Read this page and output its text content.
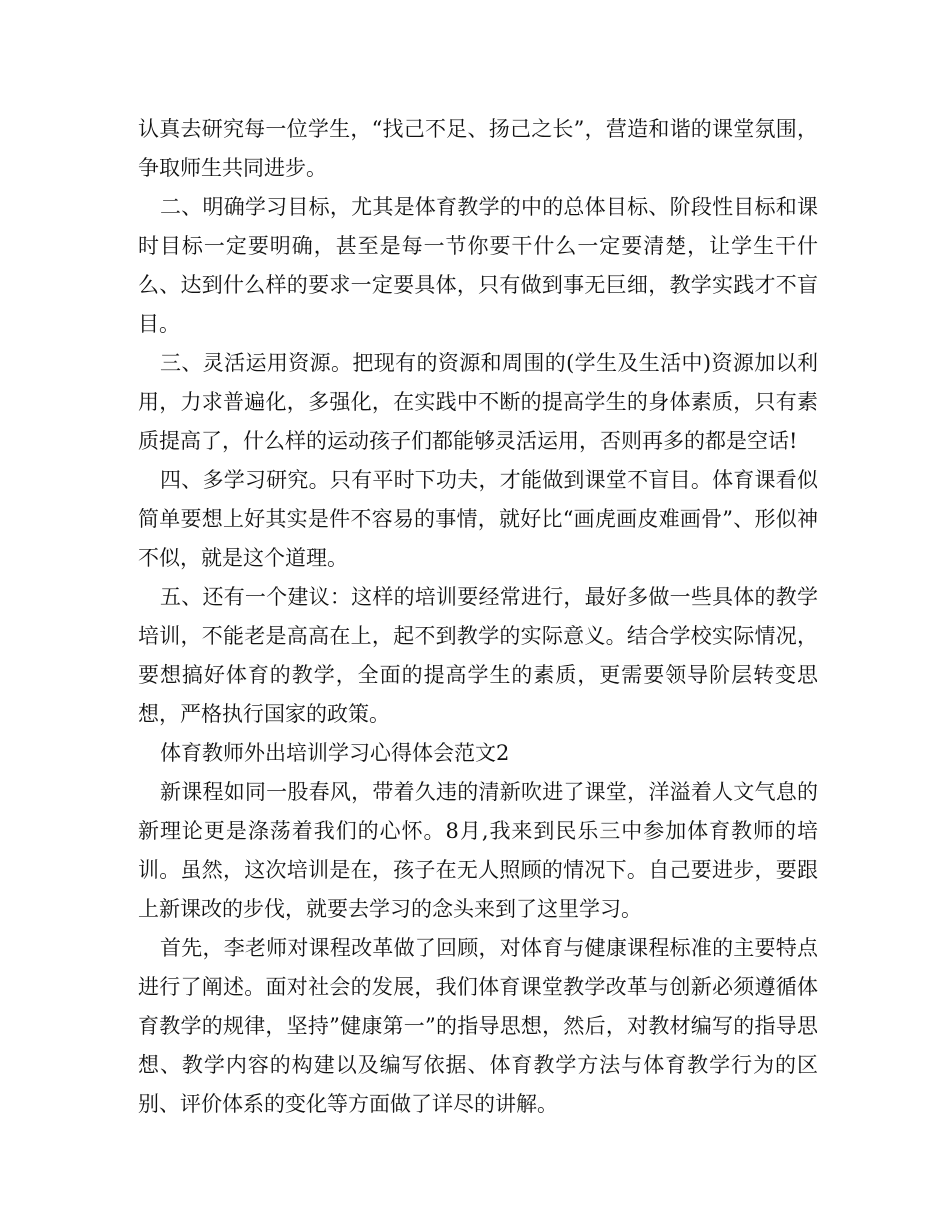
认真去研究每一位学生，“找己不足、扬己之长”，营造和谐的课堂氛围，争取师生共同进步。

二、明确学习目标，尤其是体育教学的中的总体目标、阶段性目标和课时目标一定要明确，甚至是每一节你要干什么一定要清楚，让学生干什么、达到什么样的要求一定要具体，只有做到事无巨细，教学实践才不盲目。

三、灵活运用资源。把现有的资源和周围的(学生及生活中)资源加以利用，力求普遍化，多强化，在实践中不断的提高学生的身体素质，只有素质提高了，什么样的运动孩子们都能够灵活运用，否则再多的都是空话!

四、多学习研究。只有平时下功夫，才能做到课堂不盲目。体育课看似简单要想上好其实是件不容易的事情，就好比“画虎画皮难画骨”、形似神不似，就是这个道理。

五、还有一个建议：这样的培训要经常进行，最好多做一些具体的教学培训，不能老是高高在上，起不到教学的实际意义。结合学校实际情况，要想搞好体育的教学，全面的提高学生的素质，更需要领导阶层转变思想，严格执行国家的政策。

体育教师外出培训学习心得体会范文2

新课程如同一股春风，带着久违的清新吹进了课堂，洋溢着人文气息的新理论更是涤荡着我们的心怀。8月,我来到民乐三中参加体育教师的培训。虽然，这次培训是在，孩子在无人照顾的情况下。自己要进步，要跟上新课改的步伐，就要去学习的念头来到了这里学习。

首先，李老师对课程改革做了回顾，对体育与健康课程标准的主要特点进行了阐述。面对社会的发展，我们体育课堂教学改革与创新必须遵循体育教学的规律，坚持”健康第一”的指导思想，然后，对教材编写的指导思想、教学内容的构建以及编写依据、体育教学方法与体育教学行为的区别、评价体系的变化等方面做了详尽的讲解。
